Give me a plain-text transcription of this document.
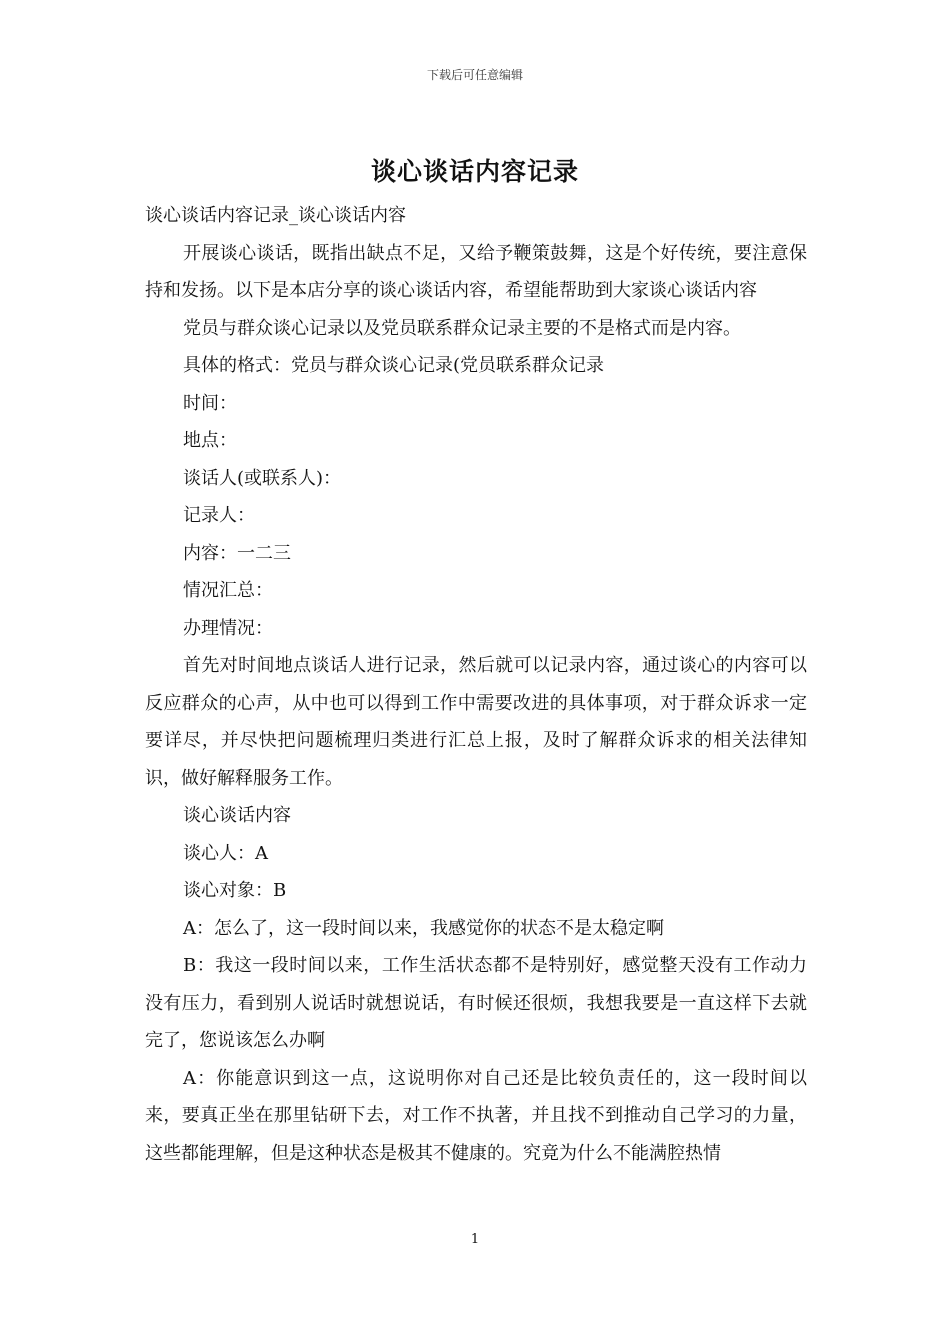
下载后可任意编辑
谈心谈话内容记录

谈心谈话内容记录_谈心谈话内容

开展谈心谈话，既指出缺点不足，又给予鞭策鼓舞，这是个好传统，要注意保持和发扬。以下是本店分享的谈心谈话内容，希望能帮助到大家谈心谈话内容

党员与群众谈心记录以及党员联系群众记录主要的不是格式而是内容。

具体的格式：党员与群众谈心记录(党员联系群众记录

时间：

地点：

谈话人(或联系人)：

记录人：

内容：一二三

情况汇总：

办理情况：

首先对时间地点谈话人进行记录，然后就可以记录内容，通过谈心的内容可以反应群众的心声，从中也可以得到工作中需要改进的具体事项，对于群众诉求一定要详尽，并尽快把问题梳理归类进行汇总上报，及时了解群众诉求的相关法律知识，做好解释服务工作。

谈心谈话内容

谈心人：A

谈心对象：B

A：怎么了，这一段时间以来，我感觉你的状态不是太稳定啊

B：我这一段时间以来，工作生活状态都不是特别好，感觉整天没有工作动力没有压力，看到别人说话时就想说话，有时候还很烦，我想我要是一直这样下去就完了，您说该怎么办啊

A：你能意识到这一点，这说明你对自己还是比较负责任的，这一段时间以来，要真正坐在那里钻研下去，对工作不执著，并且找不到推动自己学习的力量，这些都能理解，但是这种状态是极其不健康的。究竟为什么不能满腔热情

1
